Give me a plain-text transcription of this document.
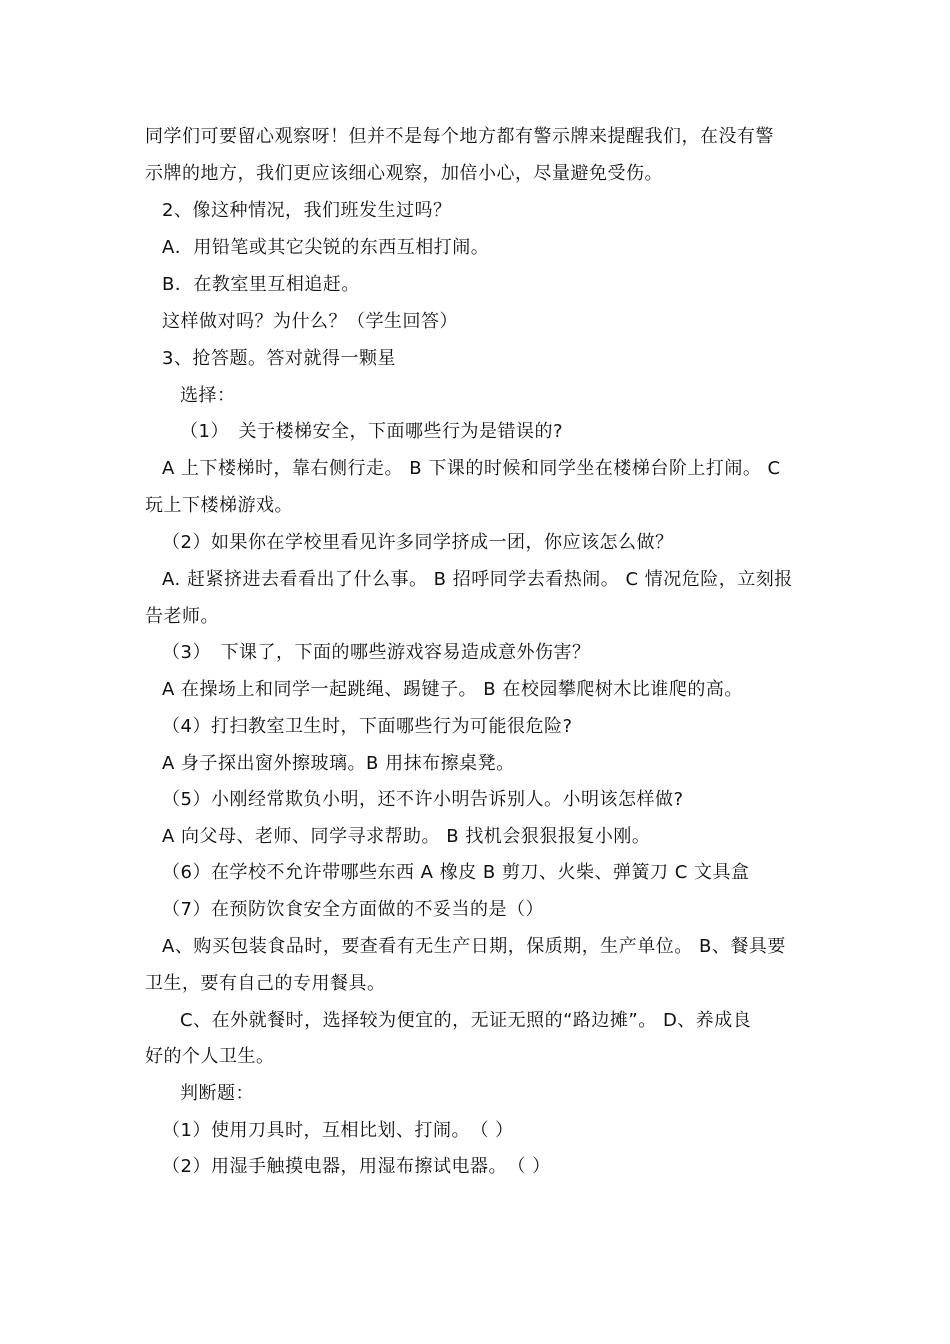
同学们可要留心观察呀！但并不是每个地方都有警示牌来提醒我们，在没有警
示牌的地方，我们更应该细心观察，加倍小心，尽量避免受伤。
2、像这种情况，我们班发生过吗？
A．用铅笔或其它尖锐的东西互相打闹。
B．在教室里互相追赶。
这样做对吗？为什么？（学生回答）
3、抢答题。答对就得一颗星
选择：
（1）　关于楼梯安全，下面哪些行为是错误的?
A 上下楼梯时，靠右侧行走。 B 下课的时候和同学坐在楼梯台阶上打闹。 C
玩上下楼梯游戏。
（2）如果你在学校里看见许多同学挤成一团，你应该怎么做？
A. 赶紧挤进去看看出了什么事。 B 招呼同学去看热闹。 C 情况危险，立刻报
告老师。
（3）　下课了，下面的哪些游戏容易造成意外伤害？
A 在操场上和同学一起跳绳、踢键子。 B 在校园攀爬树木比谁爬的高。
（4）打扫教室卫生时，下面哪些行为可能很危险?
A 身子探出窗外擦玻璃。B 用抹布擦桌凳。
（5）小刚经常欺负小明，还不许小明告诉别人。小明该怎样做?
A 向父母、老师、同学寻求帮助。 B 找机会狠狠报复小刚。
（6）在学校不允许带哪些东西 A 橡皮 B 剪刀、火柴、弹簧刀 C 文具盒
（7）在预防饮食安全方面做的不妥当的是（）
A、购买包装食品时，要查看有无生产日期，保质期，生产单位。 B、餐具要
卫生，要有自己的专用餐具。
C、在外就餐时，选择较为便宜的，无证无照的“路边摊”。 D、养成良
好的个人卫生。
判断题：
（1）使用刀具时，互相比划、打闹。　（ ）
（2）用湿手触摸电器，用湿布擦试电器。　（ ）
